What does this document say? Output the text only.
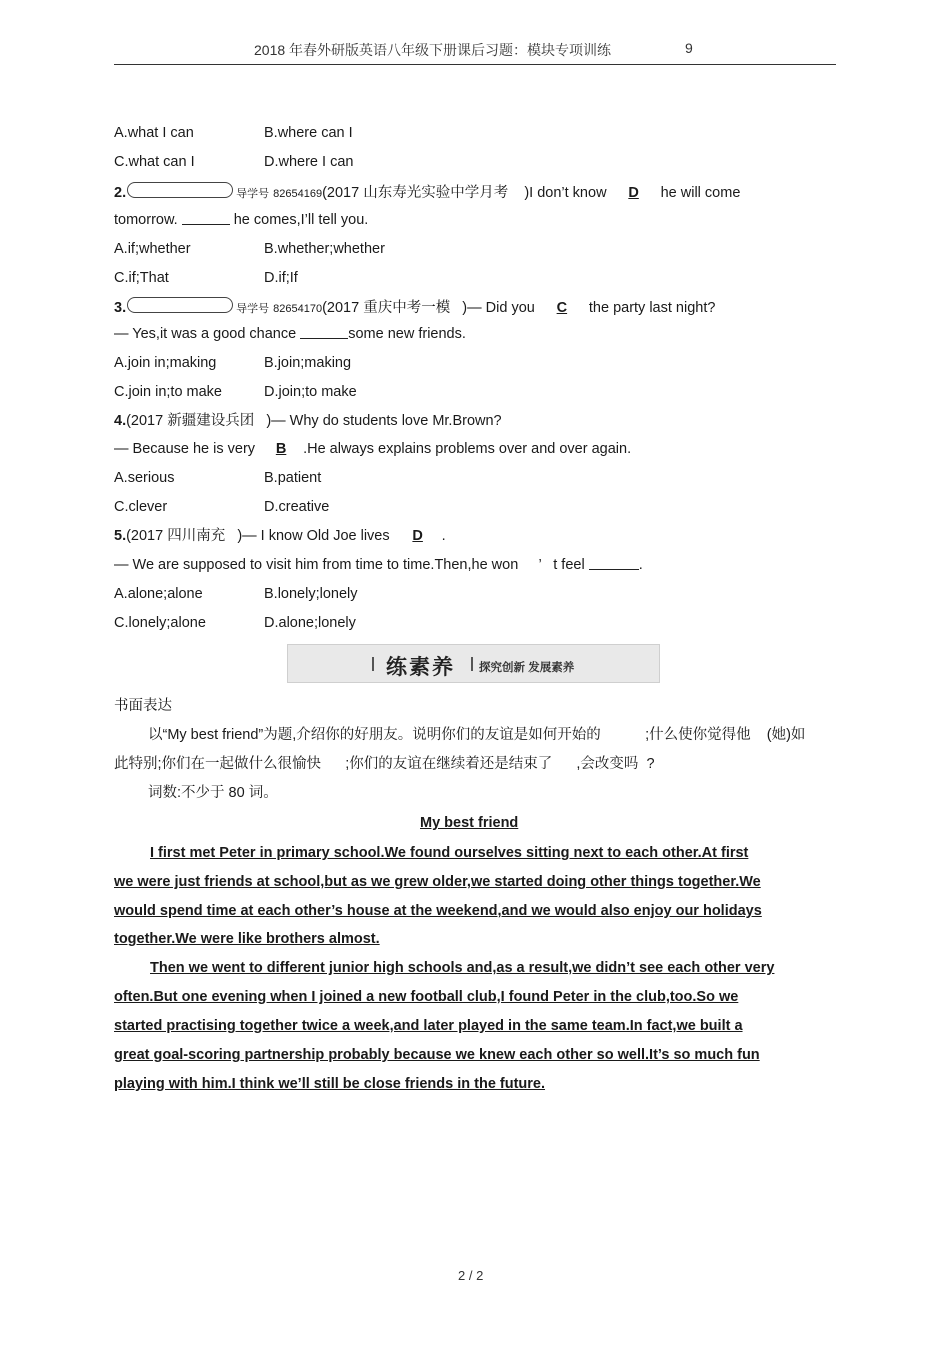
2018 年春外研版英语八年级下册课后习题：模块专项训练	9
A.what I can	B.where can I
C.what can I	D.where I can
2.	导学号 82654169(2017 山东寿光实验中学月考 )I don’t know D he will come
tomorrow.	he comes,I’ll tell you.
A.if;whether	B.whether;whether
C.if;That	D.if;If
3.	导学号 82654170(2017 重庆中考一模 )— Did you C the party last night?
— Yes,it was a good chance	some new friends.
A.join in;making	B.join;making
C.join in;to make	D.join;to make
4.(2017 新疆建设兵团 )— Why do students love Mr.Brown?
— Because he is very B .He always explains problems over and over again.
A.serious	B.patient
C.clever	D.creative
5.(2017 四川南充 )— I know Old Joe lives D .
— We are supposed to visit him from time to time.Then,he won ’ t feel	.
A.alone;alone	B.lonely;lonely
C.lonely;alone	D.alone;lonely
练素养 探究创新 发展素养
书面表达
以“My best friend”为题,介绍你的好朋友。说明你们的友谊是如何开始的	;什么使你觉得他 (她)如
此特别;你们在一起做什么很愉快 ;你们的友谊在继续着还是结束了 ,会改变吗 ?
词数:不少于 80 词。
My best friend
I first met Peter in primary school.We found ourselves sitting next to each other.At first
we were just friends at school,but as we grew older,we started doing other things together.We
would spend time at each other’s house at the weekend,and we would also enjoy our holidays
together.We were like brothers almost.
Then we went to different junior high schools and,as a result,we didn’t see each other very
often.But one evening when I joined a new football club,I found Peter in the club,too.So we
started practising together twice a week,and later played in the same team.In fact,we built a
great goal-scoring partnership probably because we knew each other so well.It’s so much fun
playing with him.I think we’ll still be close friends in the future.
2 / 2
